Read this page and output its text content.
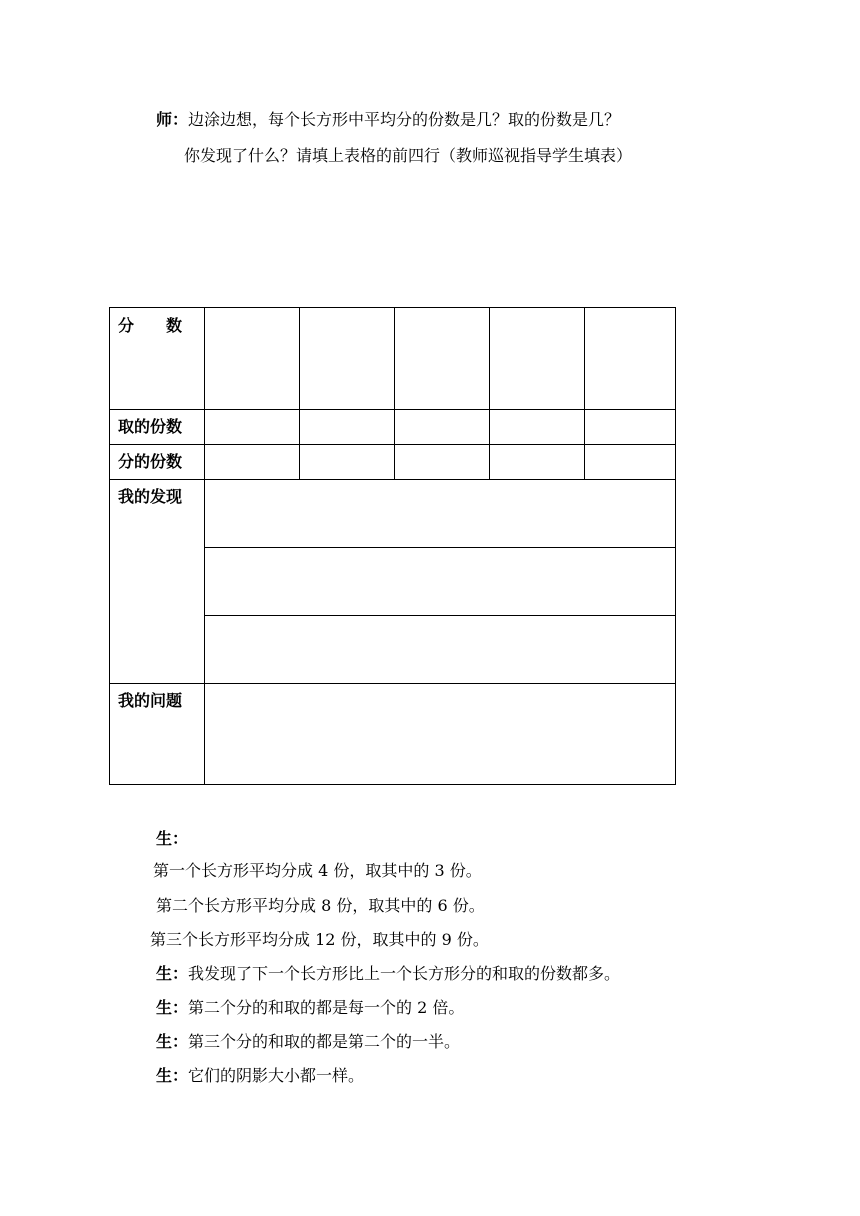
师：边涂边想，每个长方形中平均分的份数是几？取的份数是几？
你发现了什么？请填上表格的前四行（教师巡视指导学生填表）
分　　数
取的份数
分的份数
我的发现
我的问题
生：
第一个长方形平均分成 4 份，取其中的 3 份。
第二个长方形平均分成 8 份，取其中的 6 份。
第三个长方形平均分成 12 份，取其中的 9 份。
生：我发现了下一个长方形比上一个长方形分的和取的份数都多。
生：第二个分的和取的都是每一个的 2 倍。
生：第三个分的和取的都是第二个的一半。
生：它们的阴影大小都一样。
